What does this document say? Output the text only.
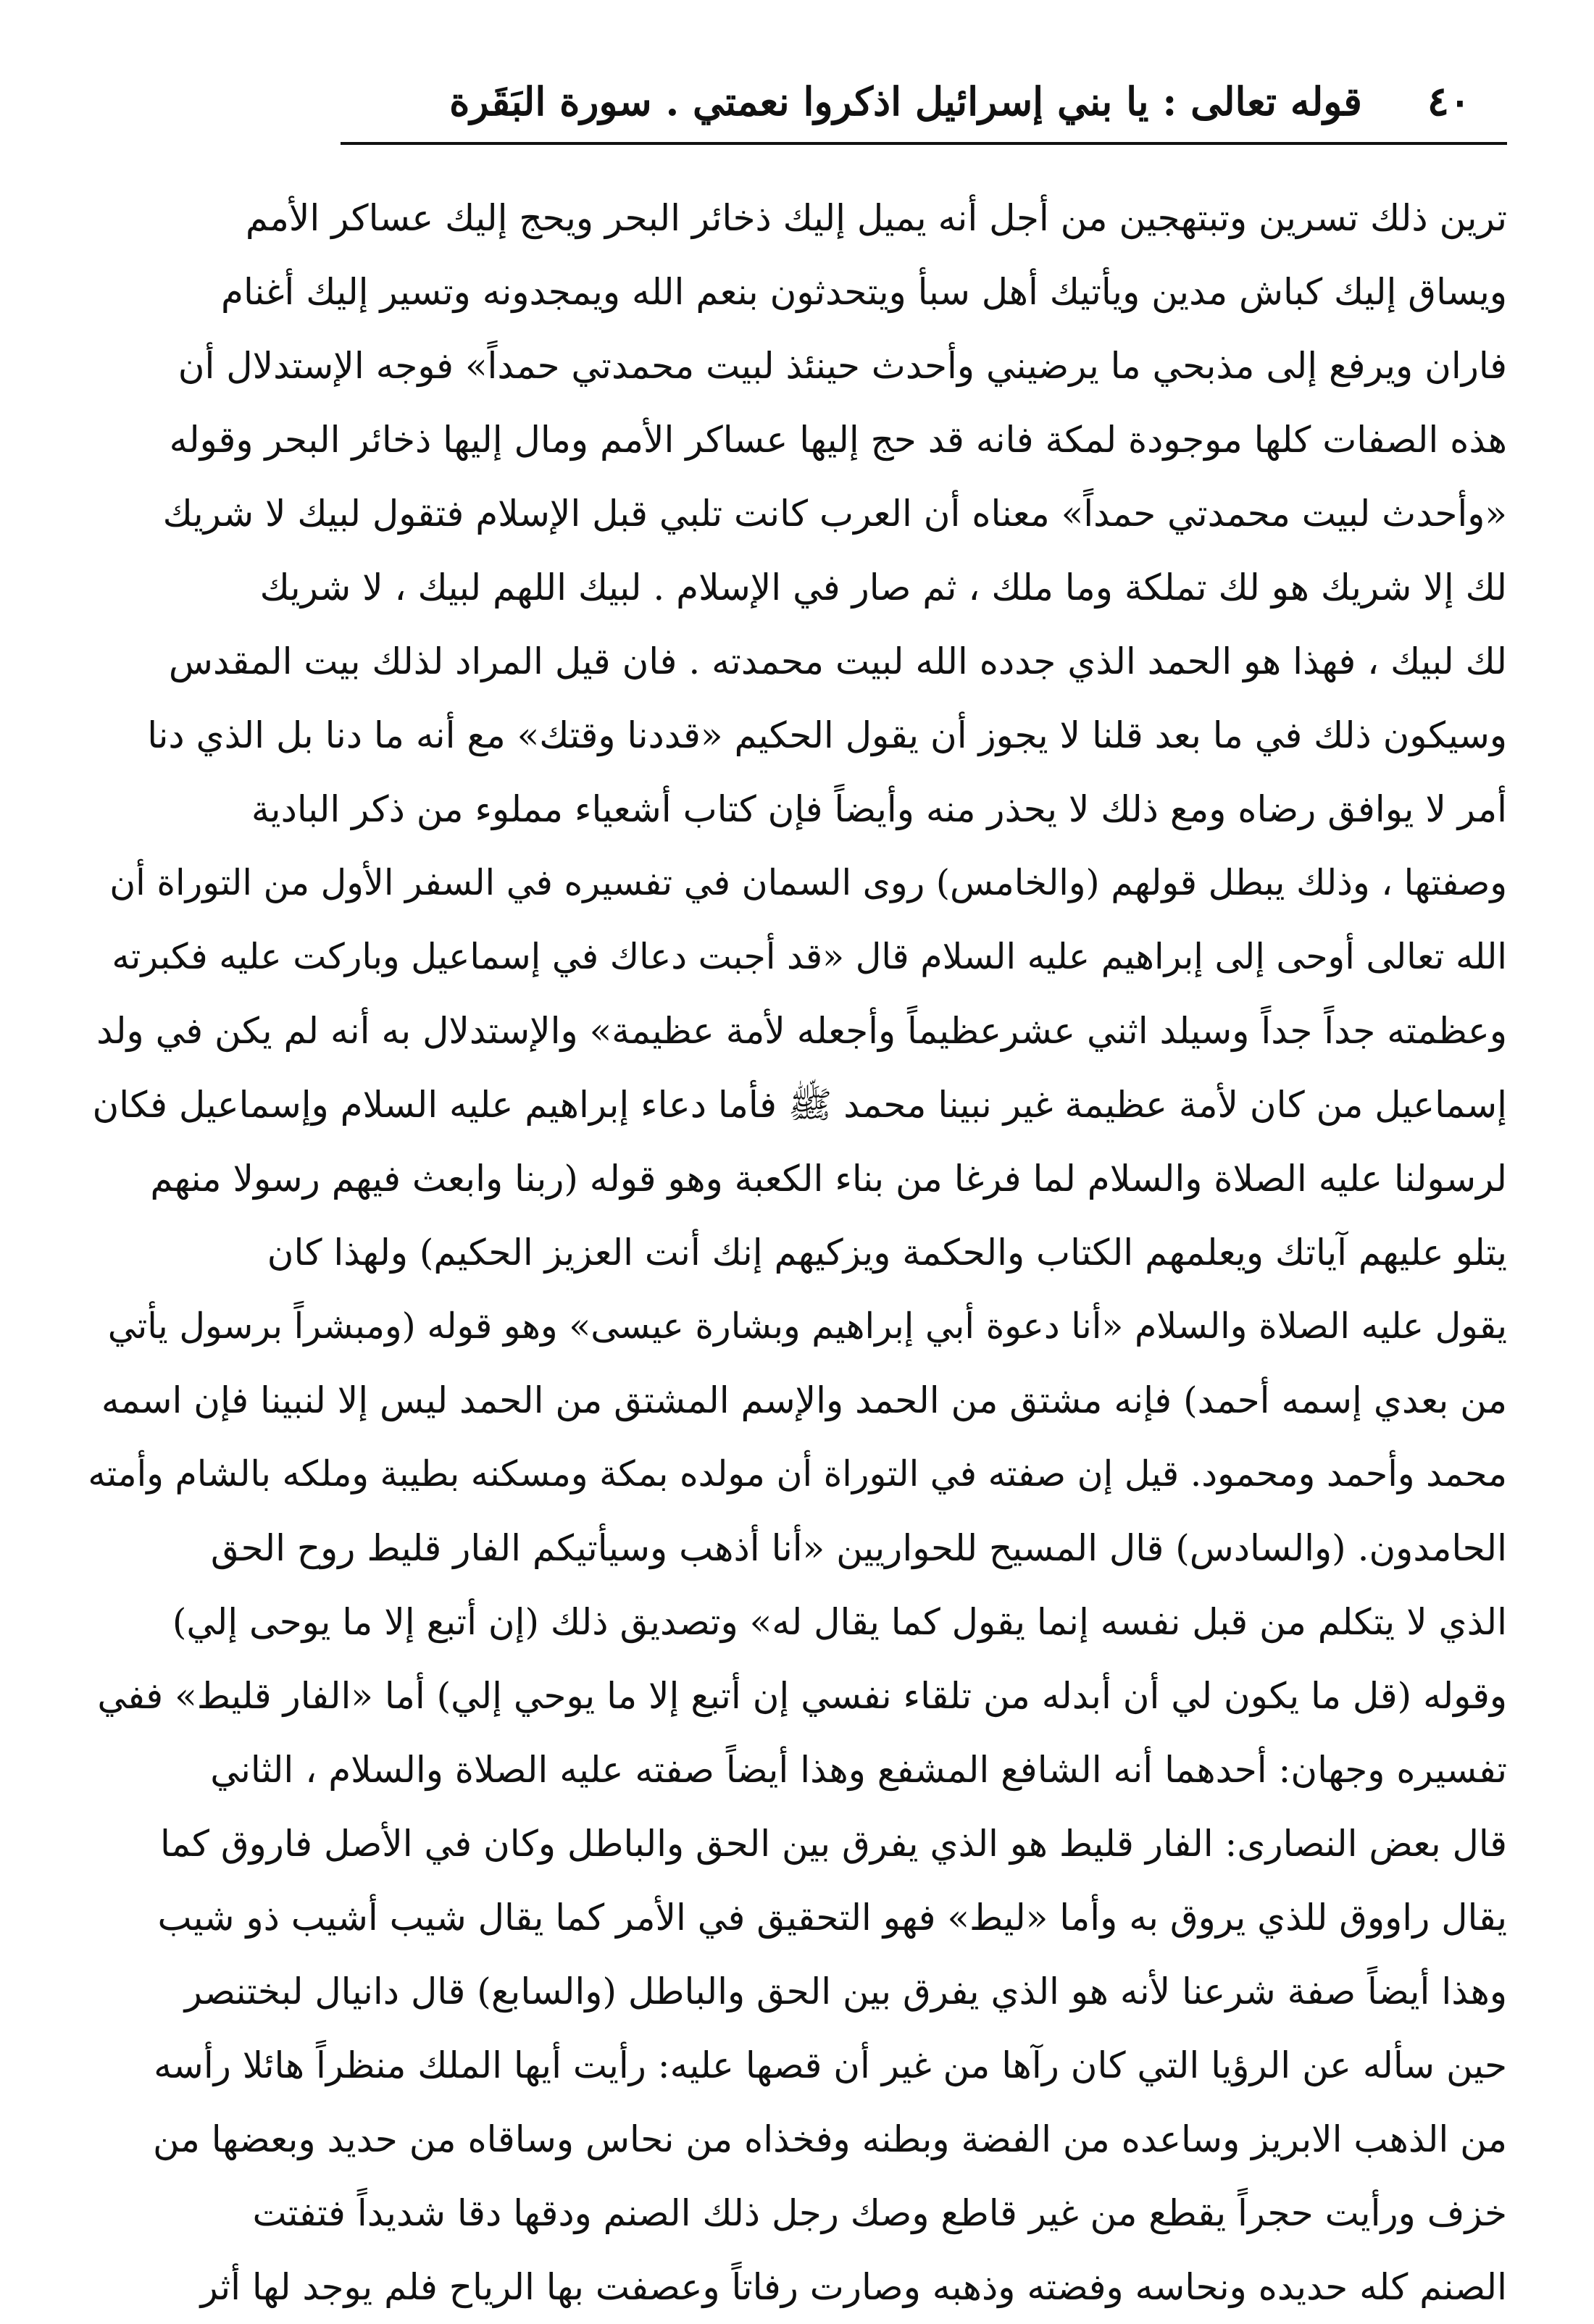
٤٠
قوله تعالى : يا بني إسرائيل اذكروا نعمتي . سورة البَقَرة
ترين ذلك تسرين وتبتهجين من أجل أنه يميل إليك ذخائر البحر ويحج إليك عساكر الأمم
ويساق إليك كباش مدين ويأتيك أهل سبأ ويتحدثون بنعم الله ويمجدونه وتسير إليك أغنام
فاران ويرفع إلى مذبحي ما يرضيني وأحدث حينئذ لبيت محمدتي حمداً» فوجه الإستدلال أن
هذه الصفات كلها موجودة لمكة فانه قد حج إليها عساكر الأمم ومال إليها ذخائر البحر وقوله
«وأحدث لبيت محمدتي حمداً» معناه أن العرب كانت تلبي قبل الإسلام فتقول لبيك لا شريك
لك إلا شريك هو لك تملكة وما ملك ، ثم صار في الإسلام . لبيك اللهم لبيك ، لا شريك
لك لبيك ، فهذا هو الحمد الذي جدده الله لبيت محمدته . فان قيل المراد لذلك بيت المقدس
وسيكون ذلك في ما بعد قلنا لا يجوز أن يقول الحكيم «قددنا وقتك» مع أنه ما دنا بل الذي دنا
أمر لا يوافق رضاه ومع ذلك لا يحذر منه وأيضاً فإن كتاب أشعياء مملوء من ذكر البادية
وصفتها ، وذلك يبطل قولهم (والخامس) روى السمان في تفسيره في السفر الأول من التوراة أن
الله تعالى أوحى إلى إبراهيم عليه السلام قال «قد أجبت دعاك في إسماعيل وباركت عليه فكبرته
وعظمته جداً جداً وسيلد اثني عشرعظيماً وأجعله لأمة عظيمة» والإستدلال به أنه لم يكن في ولد
إسماعيل من كان لأمة عظيمة غير نبينا محمد ﷺ فأما دعاء إبراهيم عليه السلام وإسماعيل فكان
لرسولنا عليه الصلاة والسلام لما فرغا من بناء الكعبة وهو قوله (ربنا وابعث فيهم رسولا منهم
يتلو عليهم آياتك ويعلمهم الكتاب والحكمة ويزكيهم إنك أنت العزيز الحكيم) ولهذا كان
يقول عليه الصلاة والسلام «أنا دعوة أبي إبراهيم وبشارة عيسى» وهو قوله (ومبشراً برسول يأتي
من بعدي إسمه أحمد) فإنه مشتق من الحمد والإسم المشتق من الحمد ليس إلا لنبينا فإن اسمه
محمد وأحمد ومحمود. قيل إن صفته في التوراة أن مولده بمكة ومسكنه بطيبة وملكه بالشام وأمته
الحامدون. (والسادس) قال المسيح للحواريين «أنا أذهب وسيأتيكم الفار قليط روح الحق
الذي لا يتكلم من قبل نفسه إنما يقول كما يقال له» وتصديق ذلك (إن أتبع إلا ما يوحى إلي)
وقوله (قل ما يكون لي أن أبدله من تلقاء نفسي إن أتبع إلا ما يوحي إلي) أما «الفار قليط» ففي
تفسيره وجهان: أحدهما أنه الشافع المشفع وهذا أيضاً صفته عليه الصلاة والسلام ، الثاني
قال بعض النصارى: الفار قليط هو الذي يفرق بين الحق والباطل وكان في الأصل فاروق كما
يقال راووق للذي يروق به وأما «ليط» فهو التحقيق في الأمر كما يقال شيب أشيب ذو شيب
وهذا أيضاً صفة شرعنا لأنه هو الذي يفرق بين الحق والباطل (والسابع) قال دانيال لبختنصر
حين سأله عن الرؤيا التي كان رآها من غير أن قصها عليه: رأيت أيها الملك منظراً هائلا رأسه
من الذهب الابريز وساعده من الفضة وبطنه وفخذاه من نحاس وساقاه من حديد وبعضها من
خزف ورأيت حجراً يقطع من غير قاطع وصك رجل ذلك الصنم ودقها دقا شديداً فتفتت
الصنم كله حديده ونحاسه وفضته وذهبه وصارت رفاتاً وعصفت بها الرياح فلم يوجد لها أثر
